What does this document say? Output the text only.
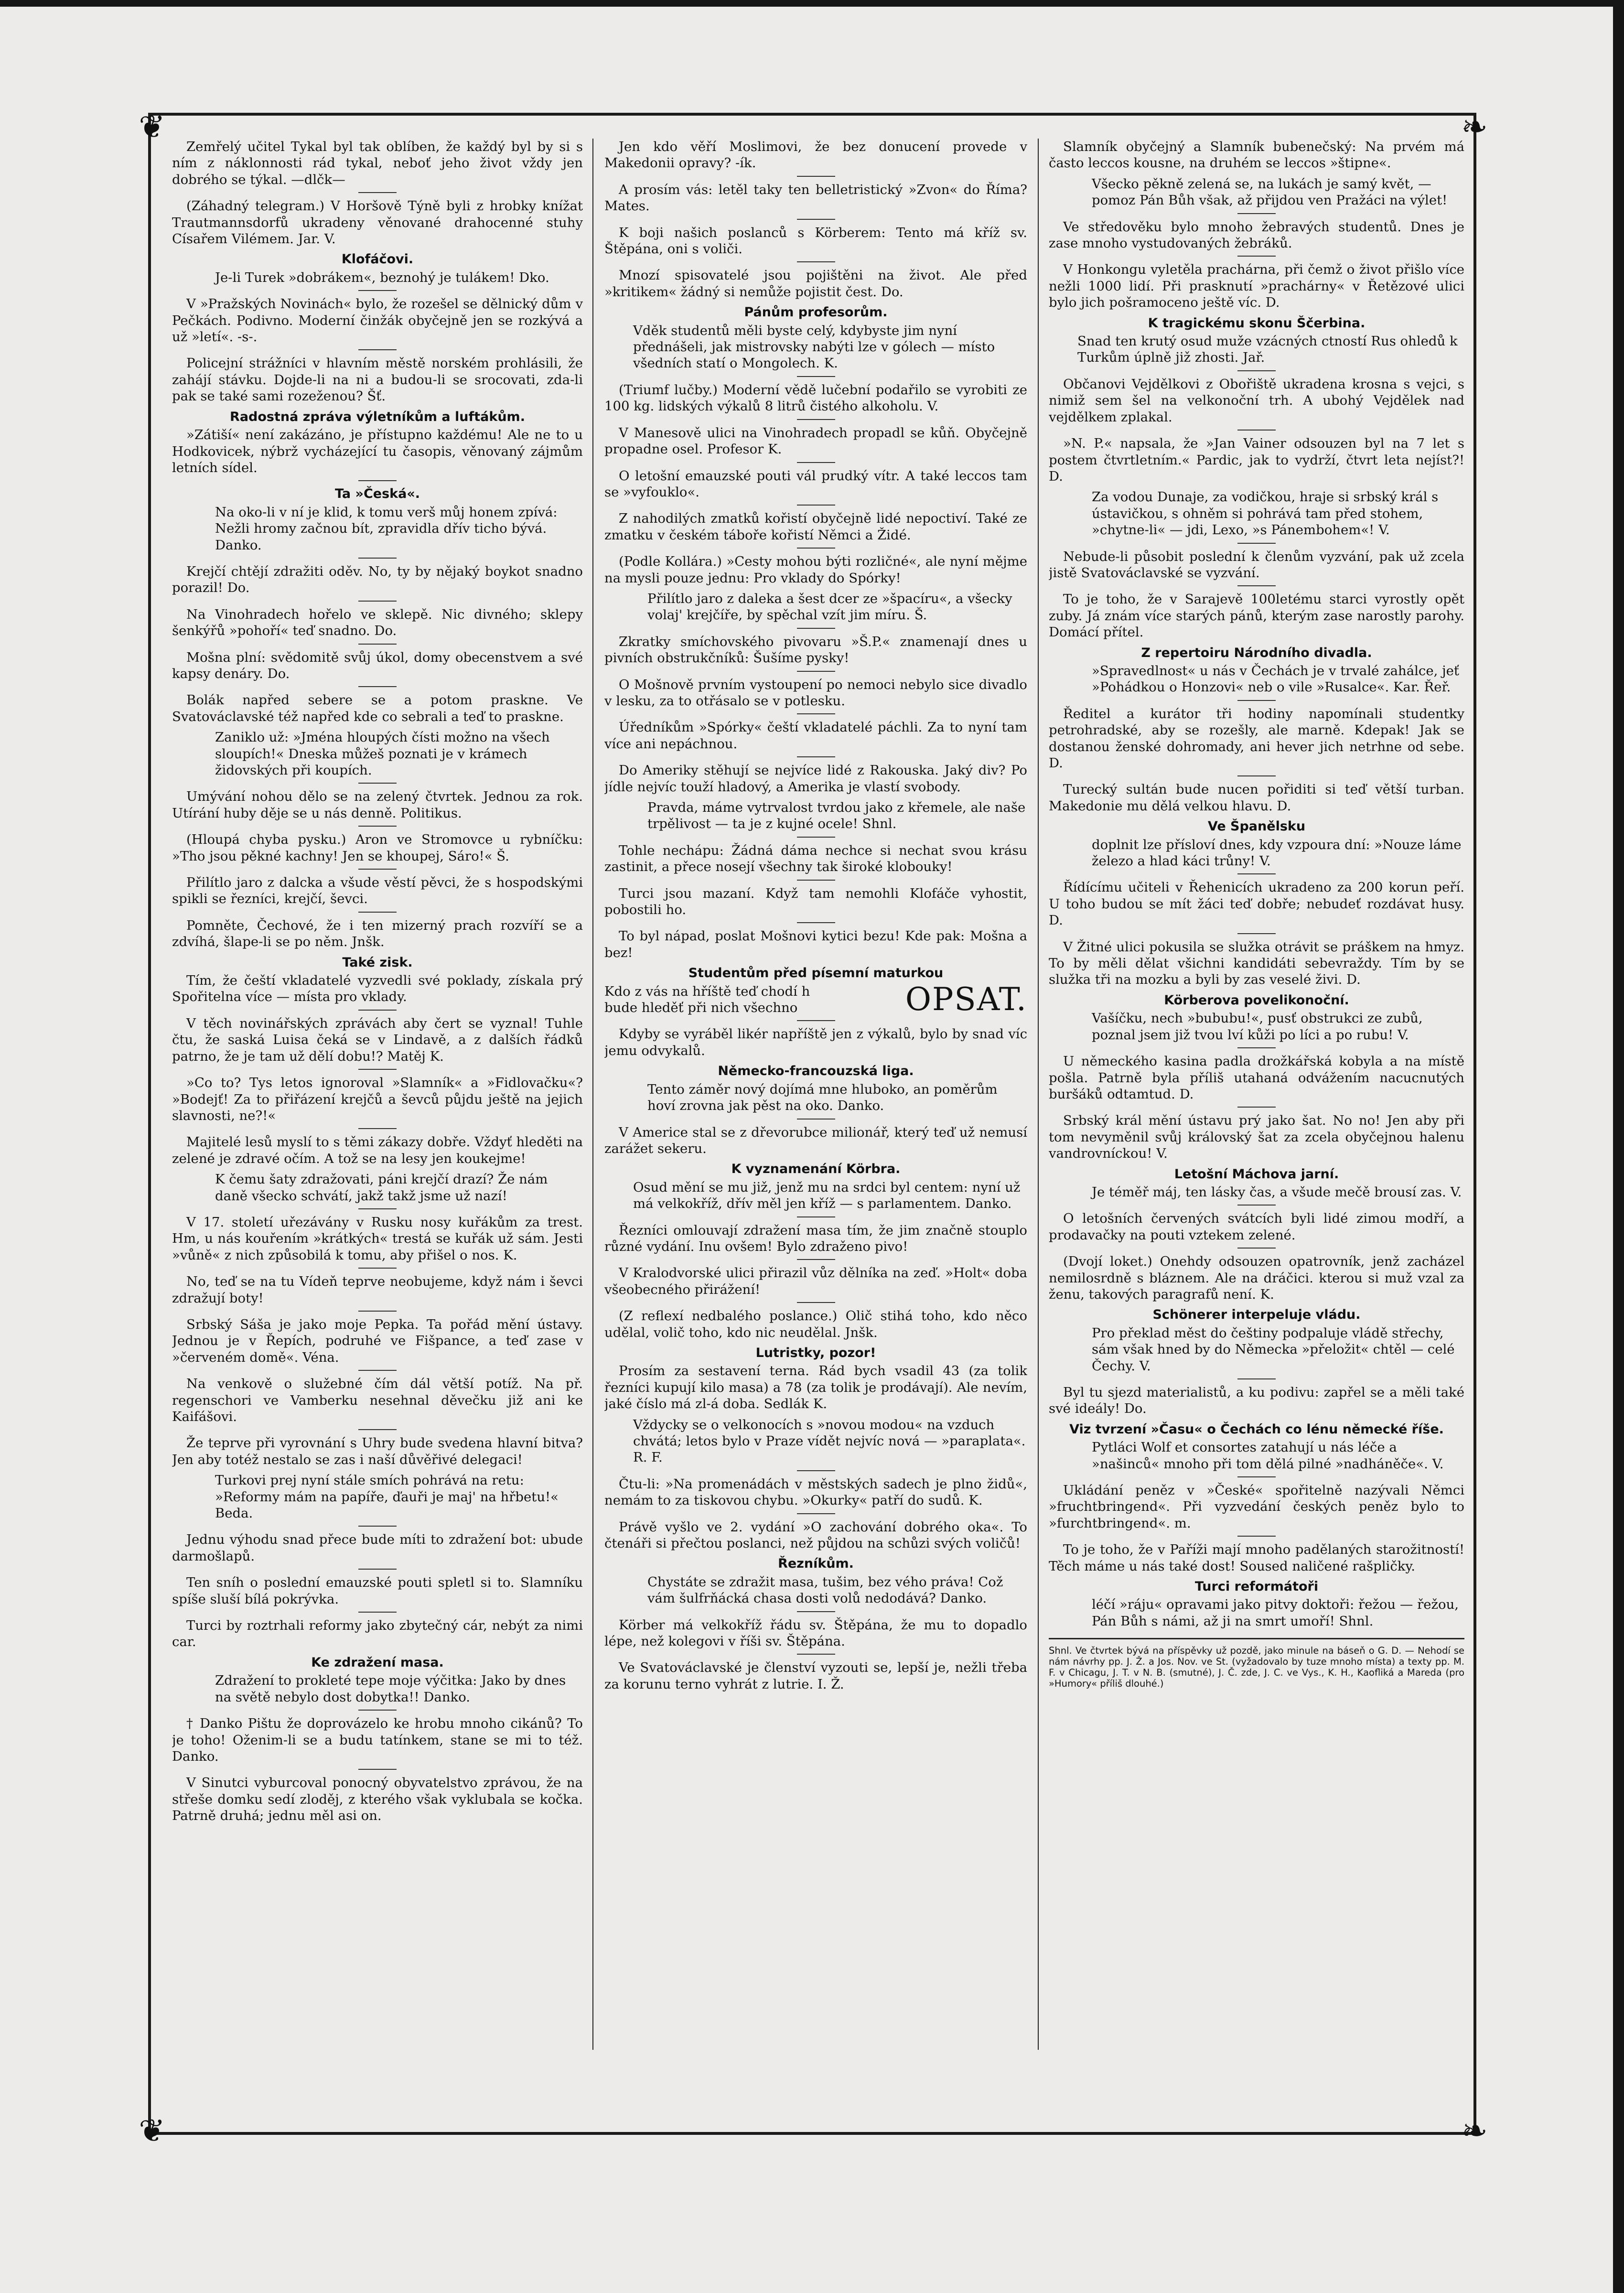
❦	❧
❦	❧

Zemřelý učitel Tykal byl tak oblíben, že každý byl by si s ním z náklonnosti rád tykal, neboť jeho život vždy jen dobrého se týkal. —dlčk—

(Záhadný telegram.) V Horšově Týně byli z hrobky knížat Trautmannsdorfů ukradeny věnované drahocenné stuhy Císařem Vilémem. Jar. V.

Klofáčovi.

Je-li Turek »dobrákem«, beznohý je tulákem! Dko.

V »Pražských Novinách« bylo, že rozešel se dělnický dům v Pečkách. Podivno. Moderní činžák obyčejně jen se rozkývá a už »letí«. -s-.

Policejní strážníci v hlavním městě norském prohlásili, že zahájí stávku. Dojde-li na ni a budou-li se srocovati, zda-li pak se také sami rozeženou? Šť.

Radostná zpráva výletníkům a luftákům.

»Zátiší« není zakázáno, je přístupno každému! Ale ne to u Hodkovicek, nýbrž vycházející tu časopis, věnovaný zájmům letních sídel.

Ta »Česká«.

Na oko-li v ní je klid, k tomu verš můj honem zpívá: Nežli hromy začnou bít, zpravidla dřív ticho bývá. Danko.

Krejčí chtějí zdražiti oděv. No, ty by nějaký boykot snadno porazil! Do.

Na Vinohradech hořelo ve sklepě. Nic divného; sklepy šenkýřů »pohoří« teď snadno. Do.

Mošna plní: svědomitě svůj úkol, domy obecenstvem a své kapsy denáry. Do.

Bolák napřed sebere se a potom praskne. Ve Svatováclavské též napřed kde co sebrali a teď to praskne.

Zaniklo už: »Jména hloupých čísti možno na všech sloupích!« Dneska můžeš poznati je v krámech židovských při koupích.

Umývání nohou dělo se na zelený čtvrtek. Jednou za rok. Utírání huby děje se u nás denně. Politikus.

(Hloupá chyba pysku.) Aron ve Stromovce u rybníčku: »Tho jsou pěkné kachny! Jen se khoupej, Sáro!« Š.

Přilítlo jaro z dalcka a všude věstí pěvci, že s hospodskými spikli se řezníci, krejčí, ševci.

Pomněte, Čechové, že i ten mizerný prach rozvíří se a zdvíhá, šlape-li se po něm. Jnšk.

Také zisk.

Tím, že čeští vkladatelé vyzvedli své poklady, získala prý Spořitelna více — místa pro vklady.

V těch novinářských zprávách aby čert se vyznal! Tuhle čtu, že saská Luisa čeká se v Lindavě, a z dalších řádků patrno, že je tam už dělí dobu!? Matěj K.

»Co to? Tys letos ignoroval »Slamník« a »Fidlovačku«? »Bodejť! Za to přiřázení krejčů a ševců půjdu ještě na jejich slavnosti, ne?!«

Majitelé lesů myslí to s těmi zákazy dobře. Vždyť hleděti na zelené je zdravé očím. A tož se na lesy jen koukejme!

K čemu šaty zdražovati, páni krejčí drazí? Že nám daně všecko schvátí, jakž takž jsme už nazí!

V 17. století uřezávány v Rusku nosy kuřákům za trest. Hm, u nás kouřením »krátkých« trestá se kuřák už sám. Jesti »vůně« z nich způsobilá k tomu, aby přišel o nos. K.

No, teď se na tu Vídeň teprve neobujeme, když nám i ševci zdražují boty!

Srbský Sáša je jako moje Pepka. Ta pořád mění ústavy. Jednou je v Řepích, podruhé ve Fišpance, a teď zase v »červeném domě«. Véna.

Na venkově o služebné čím dál větší potíž. Na př. regenschori ve Vamberku nesehnal děvečku již ani ke Kaifášovi.

Že teprve při vyrovnání s Uhry bude svedena hlavní bitva? Jen aby totéž nestalo se zas i naší důvěřivé delegaci!

Turkovi prej nyní stále smích pohrává na retu: »Reformy mám na papíře, ďauři je maj' na hřbetu!« Beda.

Jednu výhodu snad přece bude míti to zdražení bot: ubude darmošlapů.

Ten sníh o poslední emauzské pouti spletl si to. Slamníku spíše sluší bílá pokrývka.

Turci by roztrhali reformy jako zbytečný cár, nebýt za nimi car.

Ke zdražení masa.

Zdražení to prokleté tepe moje výčitka: Jako by dnes na světě nebylo dost dobytka!! Danko.

† Danko Pištu že doprovázelo ke hrobu mnoho cikánů? To je toho! Oženim-li se a budu tatínkem, stane se mi to též. Danko.

V Sinutci vyburcoval ponocný obyvatelstvo zprávou, že na střeše domku sedí zloděj, z kterého však vyklubala se kočka. Patrně druhá; jednu měl asi on.

Jen kdo věří Moslimovi, že bez donucení provede v Makedonii opravy? -ík.

A prosím vás: letěl taky ten belletristický »Zvon« do Říma? Mates.

K boji našich poslanců s Körberem: Tento má kříž sv. Štěpána, oni s voliči.

Mnozí spisovatelé jsou pojištěni na život. Ale před »kritikem« žádný si nemůže pojistit čest. Do.

Pánům profesorům.

Vděk studentů měli byste celý, kdybyste jim nyní přednášeli, jak mistrovsky nabýti lze v gólech — místo všedních statí o Mongolech. K.

(Triumf lučby.) Moderní vědě lučební podařilo se vyrobiti ze 100 kg. lidských výkalů 8 litrů čistého alkoholu. V.

V Manesově ulici na Vinohradech propadl se kůň. Obyčejně propadne osel. Profesor K.

O letošní emauzské pouti vál prudký vítr. A také leccos tam se »vyfouklo«.

Z nahodilých zmatků kořistí obyčejně lidé nepoctiví. Také ze zmatku v českém táboře kořistí Němci a Židé.

(Podle Kollára.) »Cesty mohou býti rozličné«, ale nyní mějme na mysli pouze jednu: Pro vklady do Spórky!

Přilítlo jaro z daleka a šest dcer ze »špacíru«, a všecky volaj' krejčíře, by spěchal vzít jim míru. Š.

Zkratky smíchovského pivovaru »Š.P.« znamenají dnes u pivních obstrukčníků: Šušíme pysky!

O Mošnově prvním vystoupení po nemoci nebylo sice divadlo v lesku, za to otřásalo se v potlesku.

Úředníkům »Spórky« čeští vkladatelé páchli. Za to nyní tam více ani nepáchnou.

Do Ameriky stěhují se nejvíce lidé z Rakouska. Jaký div? Po jídle nejvíc touží hladový, a Amerika je vlastí svobody.

Pravda, máme vytrvalost tvrdou jako z křemele, ale naše trpělivost — ta je z kujné ocele! Shnl.

Tohle nechápu: Žádná dáma nechce si nechat svou krásu zastinit, a přece nosejí všechny tak široké klobouky!

Turci jsou mazaní. Když tam nemohli Klofáče vyhostit, pobostili ho.

To byl nápad, poslat Mošnovi kytici bezu! Kde pak: Mošna a bez!

Studentům před písemní maturkou
Kdo z vás na hříště teď chodí h
bude hleděť při nich všechno	OPSAT.

Kdyby se vyráběl likér napříště jen z výkalů, bylo by snad víc jemu odvykalů.

Německo-francouzská liga.

Tento záměr nový dojímá mne hluboko, an poměrům hoví zrovna jak pěst na oko. Danko.

V Americe stal se z dřevorubce milionář, který teď už nemusí zarážet sekeru.

K vyznamenání Körbra.

Osud mění se mu již, jenž mu na srdci byl centem: nyní už má velkokříž, dřív měl jen kříž — s parlamentem. Danko.

Řezníci omlouvají zdražení masa tím, že jim značně stouplo různé vydání. Inu ovšem! Bylo zdraženo pivo!

V Kralodvorské ulici přirazil vůz dělníka na zeď. »Holt« doba všeobecného přirážení!

(Z reflexí nedbalého poslance.) Olič stihá toho, kdo něco udělal, volič toho, kdo nic neudělal. Jnšk.

Lutristky, pozor!

Prosím za sestavení terna. Rád bych vsadil 43 (za tolik řezníci kupují kilo masa) a 78 (za tolik je prodávají). Ale nevím, jaké číslo má zl-á doba. Sedlák K.

Vždycky se o velkonocích s »novou modou« na vzduch chvátá; letos bylo v Praze vídět nejvíc nová — »paraplata«. R. F.

Čtu-li: »Na promenádách v městských sadech je plno židů«, nemám to za tiskovou chybu. »Okurky« patří do sudů. K.

Právě vyšlo ve 2. vydání »O zachování dobrého oka«. To čtenáři si přečtou poslanci, než půjdou na schůzi svých voličů!

Řezníkům.

Chystáte se zdražit masa, tušim, bez vého práva! Což vám šulfrňácká chasa dosti volů nedodává? Danko.

Körber má velkokříž řádu sv. Štěpána, že mu to dopadlo lépe, než kolegovi v říši sv. Štěpána.

Ve Svatováclavské je členství vyzouti se, lepší je, nežli třeba za korunu terno vyhrát z lutrie. I. Ž.

Slamník obyčejný a Slamník bubenečský: Na prvém má často leccos kousne, na druhém se leccos »štipne«.

Všecko pěkně zelená se, na lukách je samý květ, — pomoz Pán Bůh však, až přijdou ven Pražáci na výlet!

Ve středověku bylo mnoho žebravých studentů. Dnes je zase mnoho vystudovaných žebráků.

V Honkongu vyletěla prachárna, při čemž o život přišlo více nežli 1000 lidí. Při prasknutí »prachárny« v Řetězové ulici bylo jich pošramoceno ještě víc. D.

K tragickému skonu Ščerbina.

Snad ten krutý osud muže vzácných ctností Rus ohledů k Turkům úplně již zhosti. Jař.

Občanovi Vejdělkovi z Obořiště ukradena krosna s vejci, s nimiž sem šel na velkonoční trh. A ubohý Vejdělek nad vejdělkem zplakal.

»N. P.« napsala, že »Jan Vainer odsouzen byl na 7 let s postem čtvrtletním.« Pardic, jak to vydrží, čtvrt leta nejíst?! D.

Za vodou Dunaje, za vodičkou, hraje si srbský král s ústavičkou, s ohněm si pohrává tam před stohem, »chytne-li« — jdi, Lexo, »s Pánembohem«! V.

Nebude-li působit poslední k členům vyzvání, pak už zcela jistě Svatováclavské se vyzvání.

To je toho, že v Sarajevě 100letému starci vyrostly opět zuby. Já znám více starých pánů, kterým zase narostly parohy. Domácí přítel.

Z repertoiru Národního divadla.

»Spravedlnost« u nás v Čechách je v trvalé zahálce, jeť »Pohádkou o Honzovi« neb o vile »Rusalce«. Kar. Řeř.

Ředitel a kurátor tři hodiny napomínali studentky petrohradské, aby se rozešly, ale marně. Kdepak! Jak se dostanou ženské dohromady, ani hever jich netrhne od sebe. D.

Turecký sultán bude nucen pořiditi si teď větší turban. Makedonie mu dělá velkou hlavu. D.

Ve Španělsku

doplnit lze přísloví dnes, kdy vzpoura dní: »Nouze láme železo a hlad káci trůny! V.

Řídícímu učiteli v Řehenicích ukradeno za 200 korun peří. U toho budou se mít žáci teď dobře; nebudeť rozdávat husy. D.

V Žitné ulici pokusila se služka otrávit se práškem na hmyz. To by měli dělat všichni kandidáti sebevraždy. Tím by se služka tři na mozku a byli by zas veselé živi. D.

Körberova povelikonoční.

Vašíčku, nech »bububu!«, pusť obstrukci ze zubů, poznal jsem již tvou lví kůži po líci a po rubu! V.

U německého kasina padla drožkářská kobyla a na místě pošla. Patrně byla příliš utahaná odvážením nacucnutých buršáků odtamtud. D.

Srbský král mění ústavu prý jako šat. No no! Jen aby při tom nevyměnil svůj královský šat za zcela obyčejnou halenu vandrovníckou! V.

Letošní Máchova jarní.

Je téměř máj, ten lásky čas, a všude mečě brousí zas. V.

O letošních červených svátcích byli lidé zimou modří, a prodavačky na pouti vztekem zelené.

(Dvojí loket.) Onehdy odsouzen opatrovník, jenž zacházel nemilosrdně s bláznem. Ale na dráčici. kterou si muž vzal za ženu, takových paragrafů není. K.

Schönerer interpeluje vládu.

Pro překlad měst do češtiny podpaluje vládě střechy, sám však hned by do Německa »přeložit« chtěl — celé Čechy. V.

Byl tu sjezd materialistů, a ku podivu: zapřel se a měli také své ideály! Do.

Viz tvrzení »Času« o Čechách co lénu německé říše.

Pytláci Wolf et consortes zatahují u nás léče a »našinců« mnoho při tom dělá pilné »nadháněče«. V.

Ukládání peněz v »České« spořitelně nazývali Němci »fruchtbringend«. Při vyzvedání českých peněz bylo to »furchtbringend«. m.

To je toho, že v Paříži mají mnoho padělaných starožitností! Těch máme u nás také dost! Soused naličené rašpličky.

Turci reformátoři

léčí »ráju« opravami jako pitvy doktoři: řežou — řežou, Pán Bůh s námi, až ji na smrt umoří! Shnl.

Shnl. Ve čtvrtek bývá na příspěvky už pozdě, jako minule na báseň o G. D. — Nehodí se nám návrhy pp. J. Ž. a Jos. Nov. ve St. (vyžadovalo by tuze mnoho místa) a texty pp. M. F. v Chicagu, J. T. v N. B. (smutné), J. Č. zde, J. C. ve Vys., K. H., Kaofliká a Mareda (pro »Humory« příliš dlouhé.)
